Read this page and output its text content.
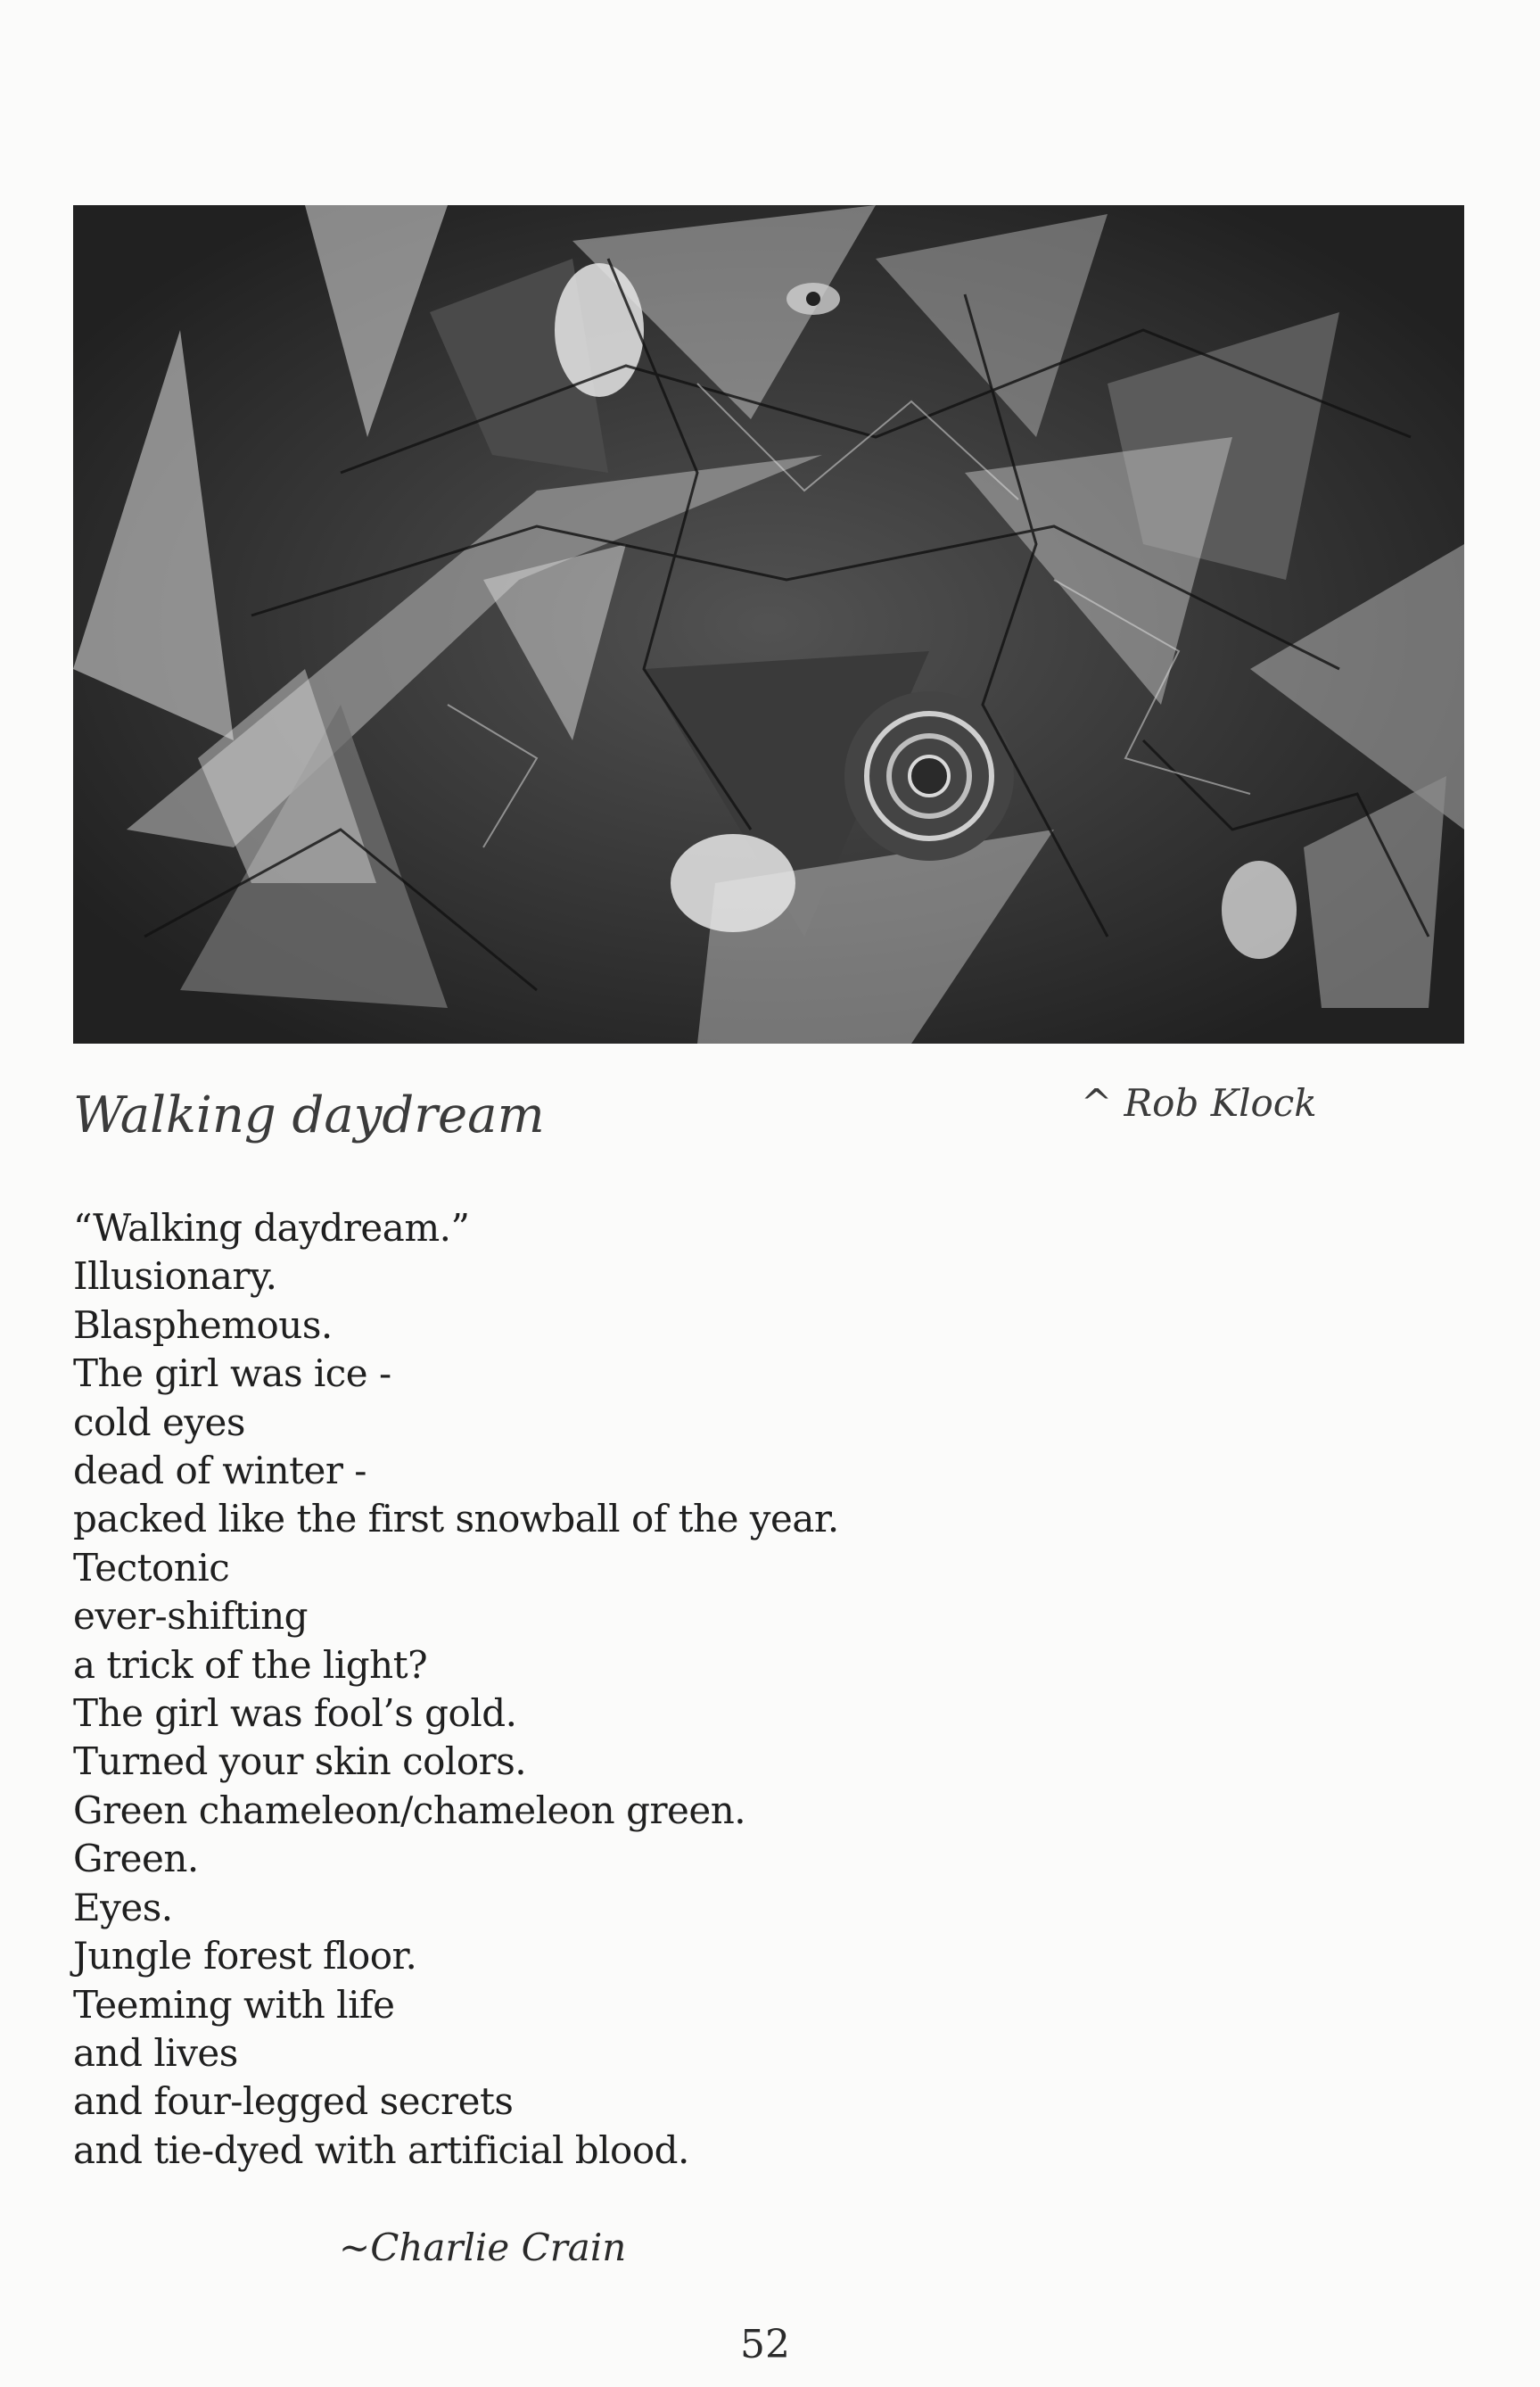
Walking daydream	^ Rob Klock
“Walking daydream.”
Illusionary.
Blasphemous.
The girl was ice -
cold eyes
dead of winter -
packed like the first snowball of the year.
Tectonic
ever-shifting
a trick of the light?
The girl was fool’s gold.
Turned your skin colors.
Green chameleon/chameleon green.
Green.
Eyes.
Jungle forest floor.
Teeming with life
and lives
and four-legged secrets
and tie-dyed with artificial blood.
~Charlie Crain
52
